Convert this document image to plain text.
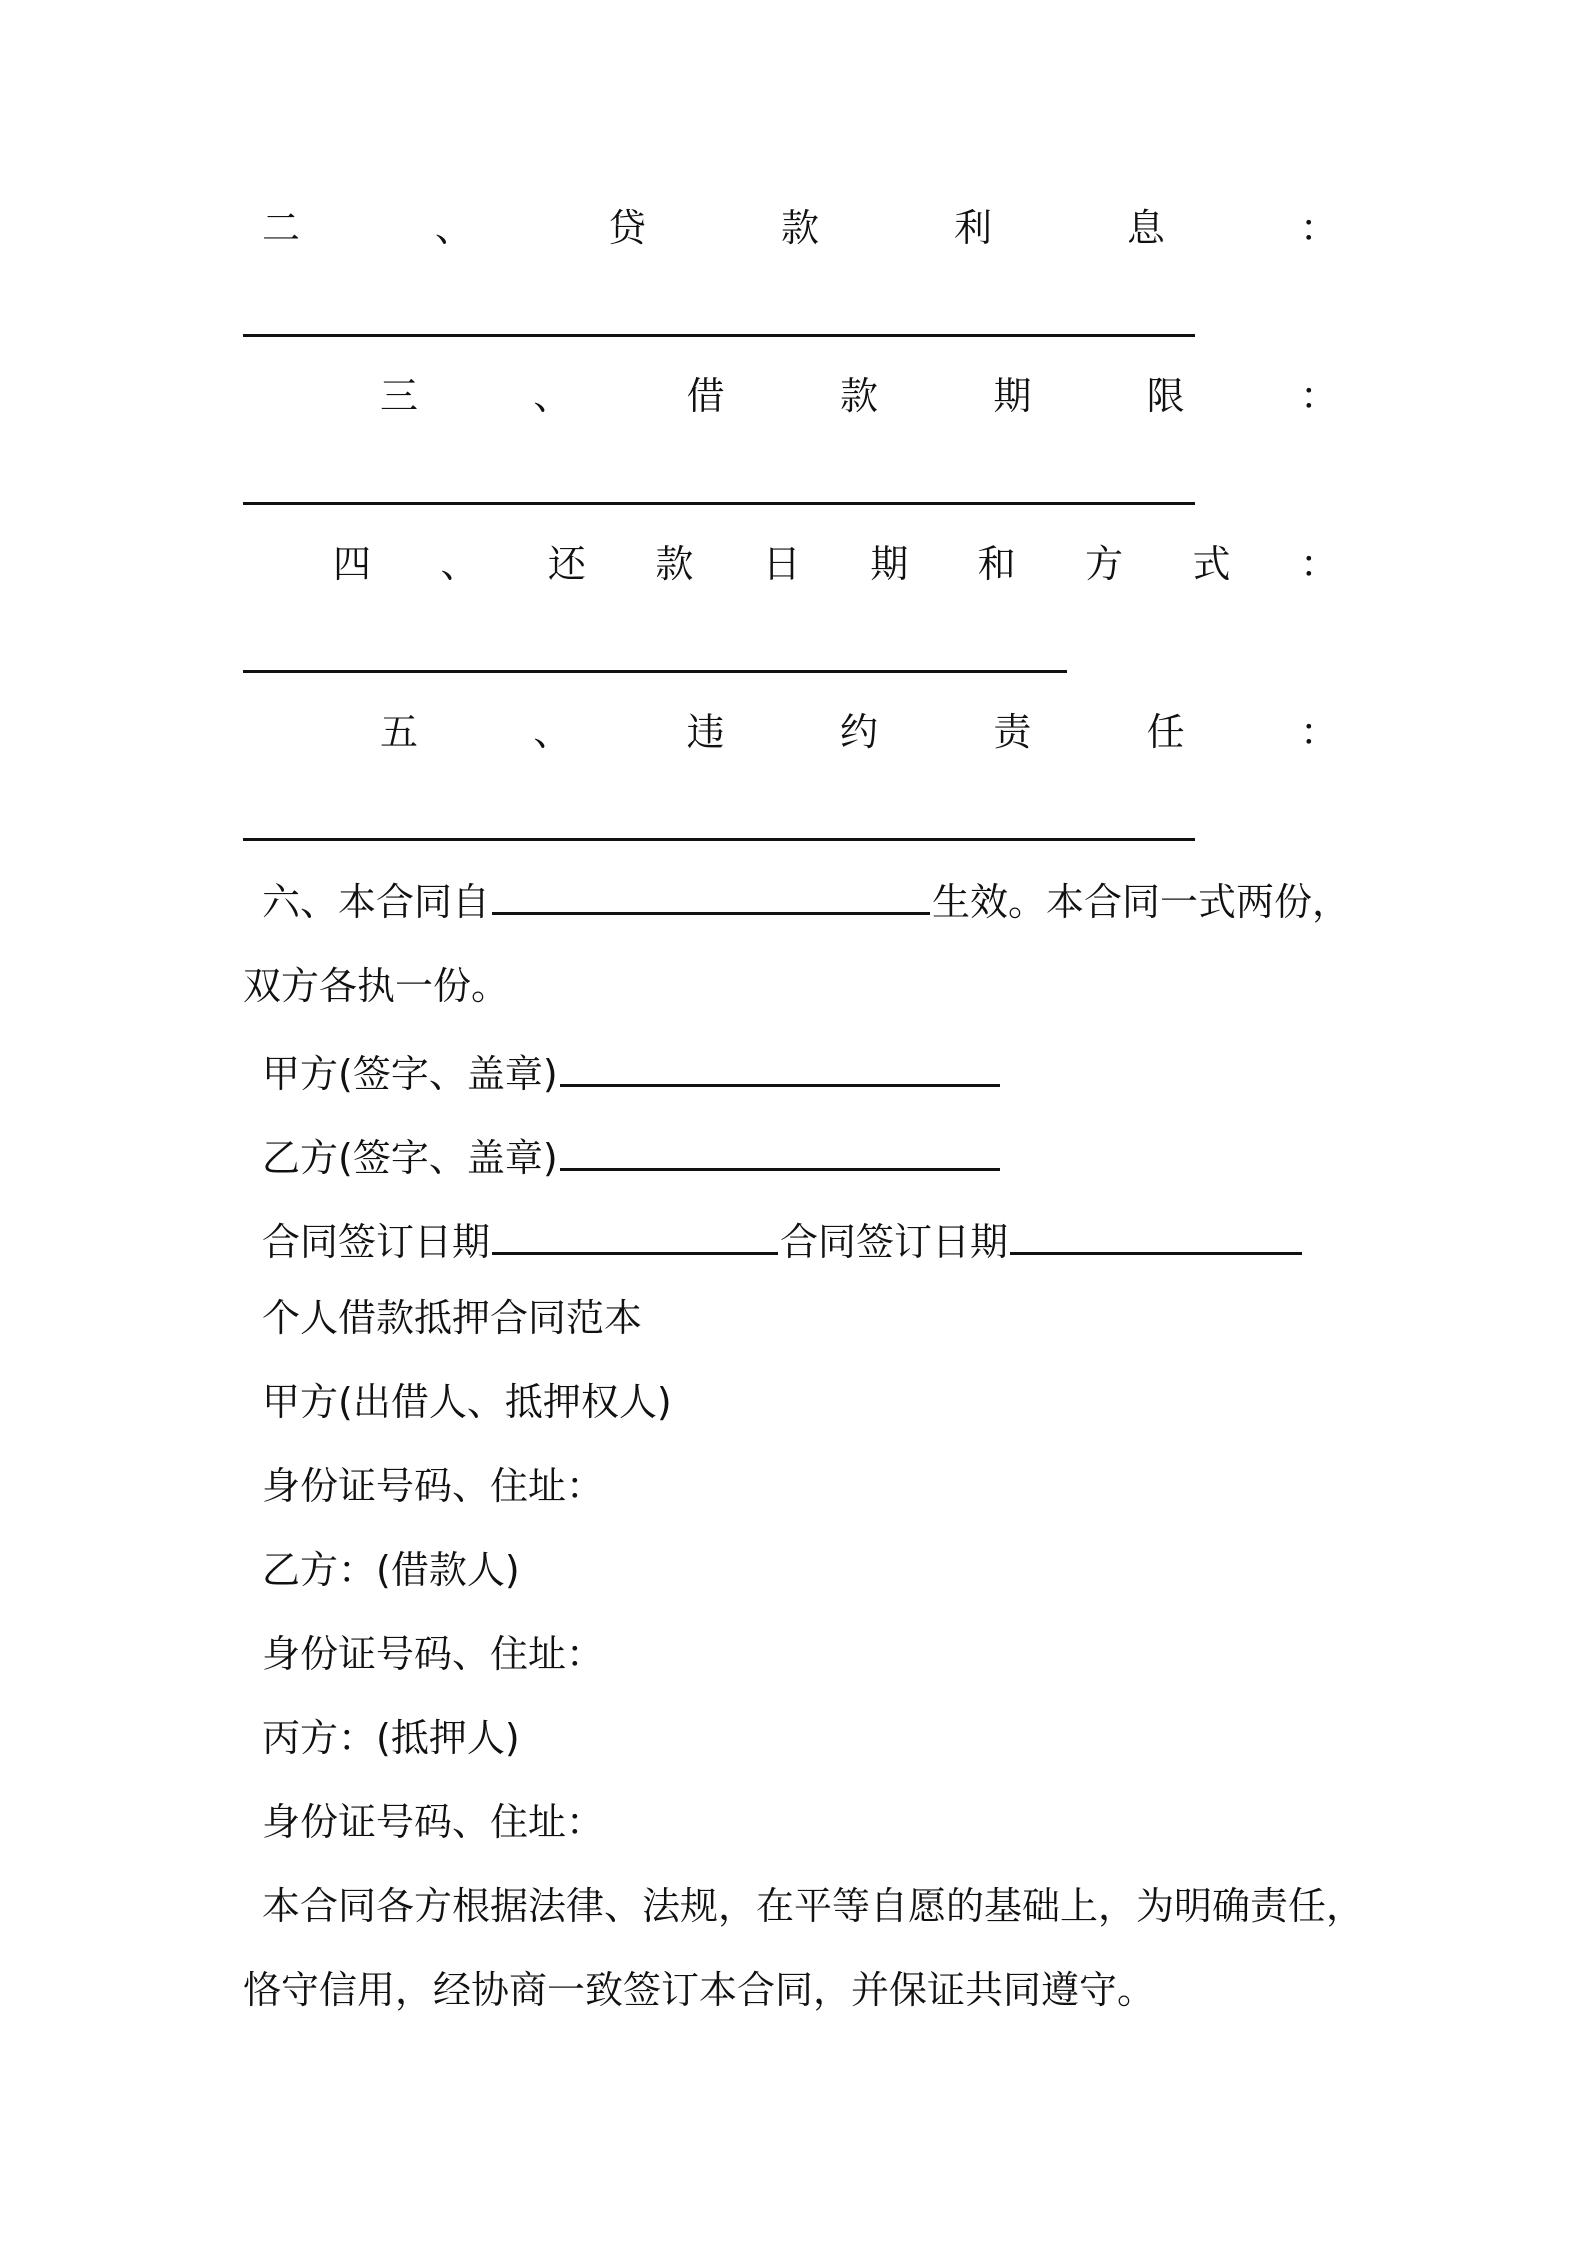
二	、	贷	款	利	息	：
三	、	借	款	期	限	：
四 、 还 款 日 期 和 方 式 ：
五	、	违	约	责	任	：
六、本合同自	生效。本合同一式两份，
双方各执一份。
甲方(签字、盖章)
乙方(签字、盖章)
合同签订日期	合同签订日期
个人借款抵押合同范本
甲方(出借人、抵押权人)
身份证号码、住址：
乙方：(借款人)
身份证号码、住址：
丙方：(抵押人)
身份证号码、住址：
本合同各方根据法律、法规，在平等自愿的基础上，为明确责任，
恪守信用，经协商一致签订本合同，并保证共同遵守。
